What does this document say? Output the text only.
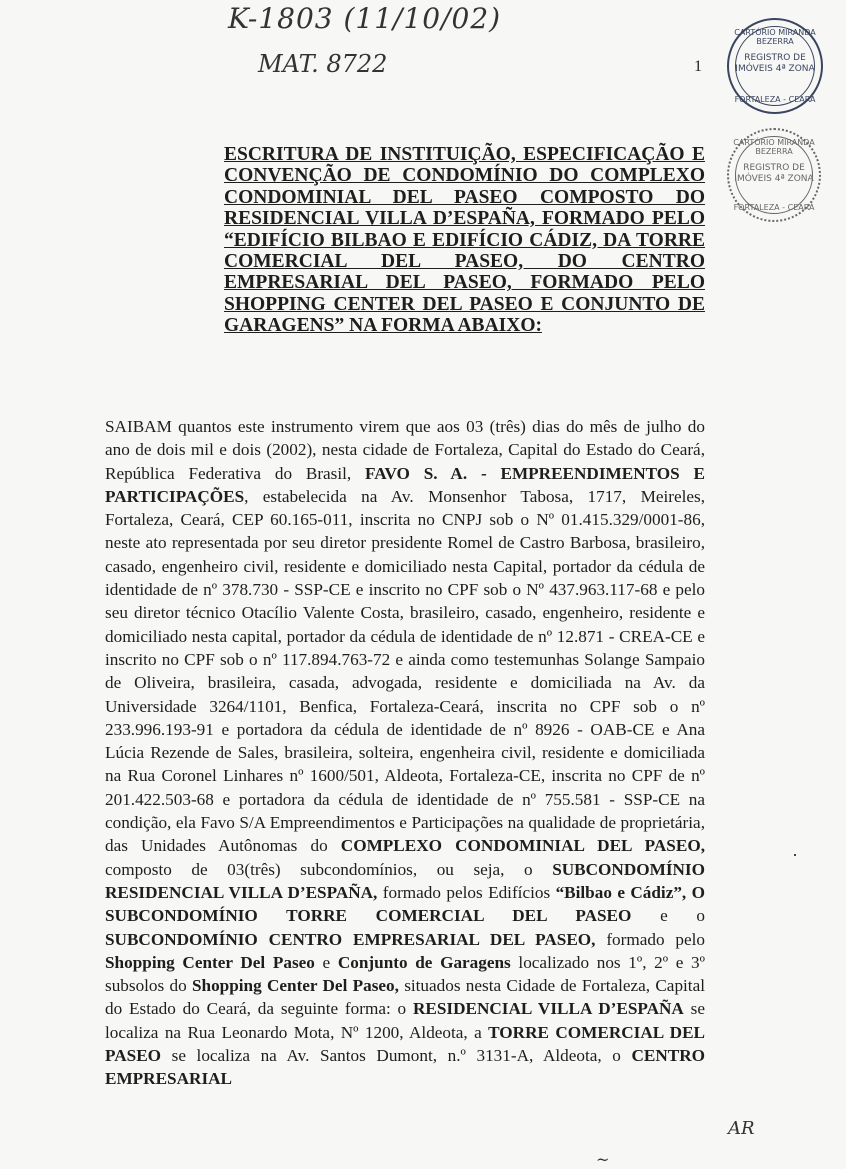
K-1803 (11/10/02)
MAT. 8722	1
CARTÓRIO MIRANDA BEZERRA
REGISTRO DE IMÓVEIS 4ª ZONA
FORTALEZA - CEARÁ
CARTÓRIO MIRANDA BEZERRA
REGISTRO DE IMÓVEIS 4ª ZONA
FORTALEZA - CEARÁ
ESCRITURA DE INSTITUIÇÃO, ESPECIFICAÇÃO E
CONVENÇÃO DE CONDOMÍNIO DO COMPLEXO
CONDOMINIAL DEL PASEO COMPOSTO DO
RESIDENCIAL VILLA D’ESPAÑA, FORMADO PELO
“EDIFÍCIO BILBAO E EDIFÍCIO CÁDIZ, DA TORRE
COMERCIAL DEL PASEO, DO CENTRO
EMPRESARIAL DEL PASEO, FORMADO PELO
SHOPPING CENTER DEL PASEO E CONJUNTO DE
GARAGENS” NA FORMA ABAIXO:

SAIBAM quantos este instrumento virem que aos 03 (três) dias do mês de julho do ano de dois mil e dois (2002), nesta cidade de Fortaleza, Capital do Estado do Ceará, República Federativa do Brasil, FAVO S. A. - EMPREENDIMENTOS E PARTICIPAÇÕES, estabelecida na Av. Monsenhor Tabosa, 1717, Meireles, Fortaleza, Ceará, CEP 60.165-011, inscrita no CNPJ sob o Nº 01.415.329/0001-86, neste ato representada por seu diretor presidente Romel de Castro Barbosa, brasileiro, casado, engenheiro civil, residente e domiciliado nesta Capital, portador da cédula de identidade de nº 378.730 - SSP-CE e inscrito no CPF sob o Nº 437.963.117-68 e pelo seu diretor técnico Otacílio Valente Costa, brasileiro, casado, engenheiro, residente e domiciliado nesta capital, portador da cédula de identidade de nº 12.871 - CREA-CE e inscrito no CPF sob o nº 117.894.763-72 e ainda como testemunhas Solange Sampaio de Oliveira, brasileira, casada, advogada, residente e domiciliada na Av. da Universidade 3264/1101, Benfica, Fortaleza-Ceará, inscrita no CPF sob o nº 233.996.193-91 e portadora da cédula de identidade de nº 8926 - OAB-CE e Ana Lúcia Rezende de Sales, brasileira, solteira, engenheira civil, residente e domiciliada na Rua Coronel Linhares nº 1600/501, Aldeota, Fortaleza-CE, inscrita no CPF de nº 201.422.503-68 e portadora da cédula de identidade de nº 755.581 - SSP-CE na condição, ela Favo S/A Empreendimentos e Participações na qualidade de proprietária, das Unidades Autônomas do COMPLEXO CONDOMINIAL DEL PASEO, composto de 03(três) subcondomínios, ou seja, o SUBCONDOMÍNIO RESIDENCIAL VILLA D’ESPAÑA, formado pelos Edifícios “Bilbao e Cádiz”, O SUBCONDOMÍNIO TORRE COMERCIAL DEL PASEO e o SUBCONDOMÍNIO CENTRO EMPRESARIAL DEL PASEO, formado pelo Shopping Center Del Paseo e Conjunto de Garagens localizado nos 1º, 2º e 3º subsolos do Shopping Center Del Paseo, situados nesta Cidade de Fortaleza, Capital do Estado do Ceará, da seguinte forma: o RESIDENCIAL VILLA D’ESPAÑA se localiza na Rua Leonardo Mota, Nº 1200, Aldeota, a TORRE COMERCIAL DEL PASEO se localiza na Av. Santos Dumont, n.º 3131-A, Aldeota, o CENTRO EMPRESARIAL

AR
~
